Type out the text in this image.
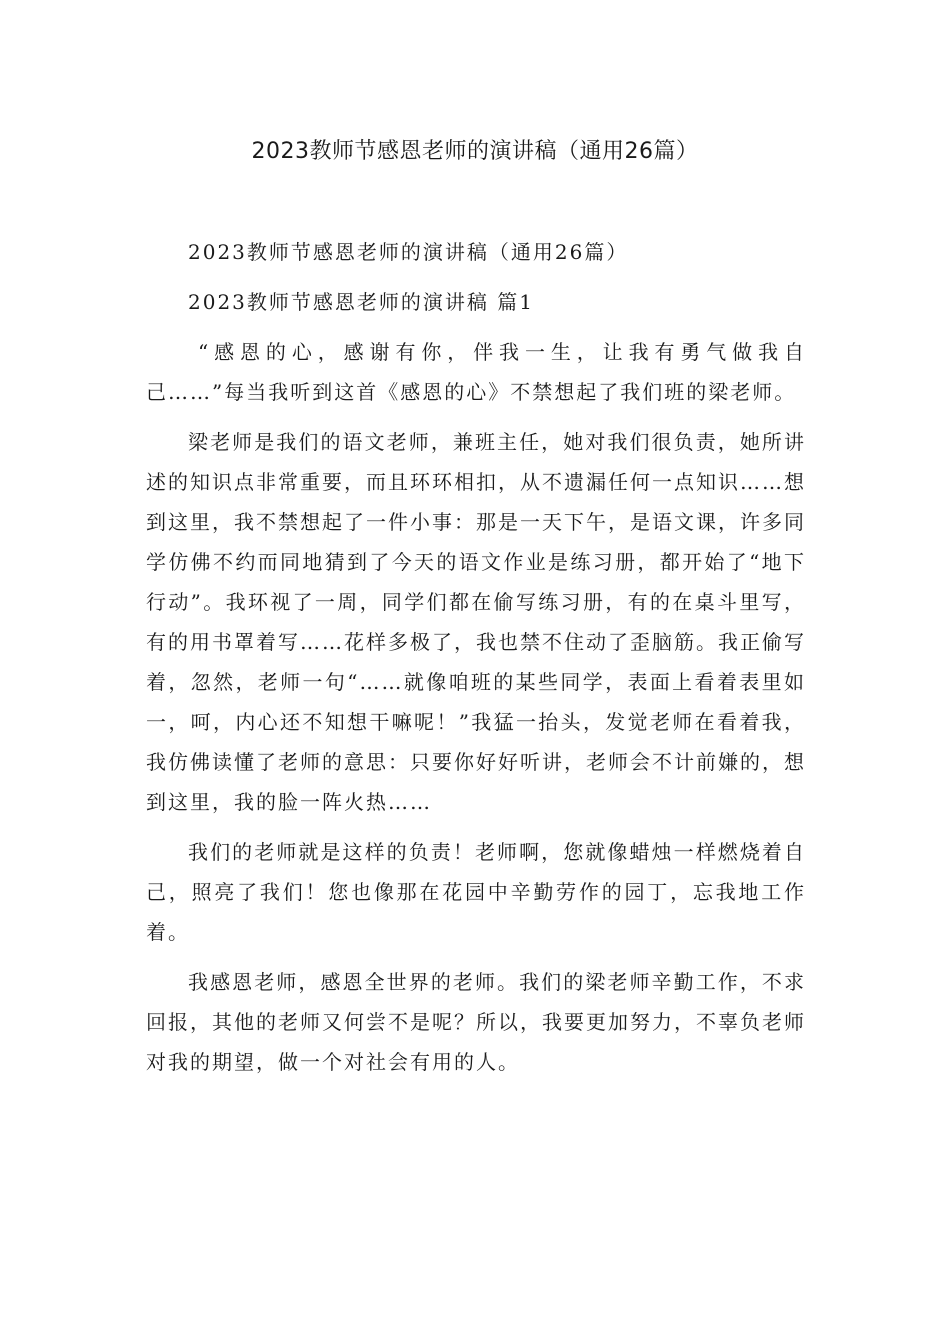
2023教师节感恩老师的演讲稿（通用26篇）

2023教师节感恩老师的演讲稿（通用26篇）

2023教师节感恩老师的演讲稿 篇1

“感恩的心，感谢有你，伴我一生，让我有勇气做我自己……”每当我听到这首《感恩的心》不禁想起了我们班的梁老师。

梁老师是我们的语文老师，兼班主任，她对我们很负责，她所讲述的知识点非常重要，而且环环相扣，从不遗漏任何一点知识……想到这里，我不禁想起了一件小事：那是一天下午，是语文课，许多同学仿佛不约而同地猜到了今天的语文作业是练习册，都开始了“地下行动”。我环视了一周，同学们都在偷写练习册，有的在桌斗里写，有的用书罩着写……花样多极了，我也禁不住动了歪脑筋。我正偷写着，忽然，老师一句“……就像咱班的某些同学，表面上看着表里如一，呵，内心还不知想干嘛呢！”我猛一抬头，发觉老师在看着我，我仿佛读懂了老师的意思：只要你好好听讲，老师会不计前嫌的，想到这里，我的脸一阵火热……

我们的老师就是这样的负责！老师啊，您就像蜡烛一样燃烧着自己，照亮了我们！您也像那在花园中辛勤劳作的园丁，忘我地工作着。

我感恩老师，感恩全世界的老师。我们的梁老师辛勤工作，不求回报，其他的老师又何尝不是呢？所以，我要更加努力，不辜负老师对我的期望，做一个对社会有用的人。
